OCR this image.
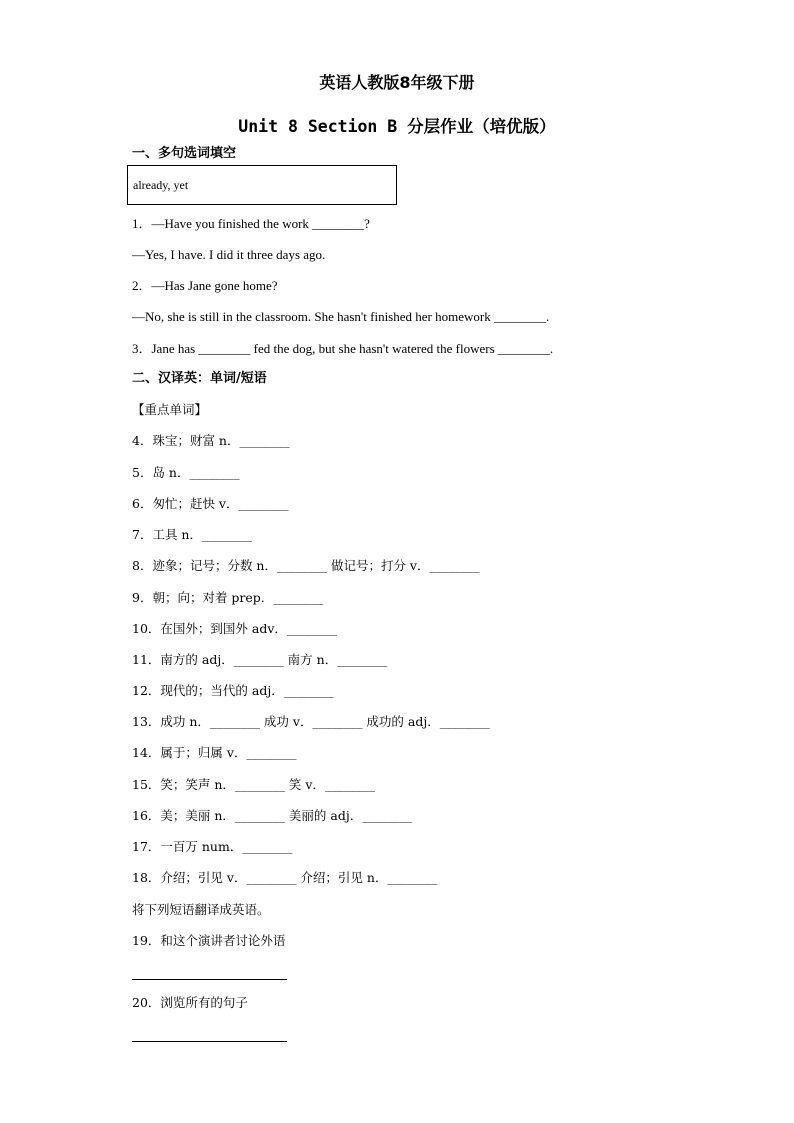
英语人教版8年级下册
Unit 8 Section B 分层作业（培优版）
一、多句选词填空
already, yet
1．—Have you finished the work ________?
—Yes, I have. I did it three days ago.
2．—Has Jane gone home?
—No, she is still in the classroom. She hasn't finished her homework ________.
3．Jane has ________ fed the dog, but she hasn't watered the flowers ________.
二、汉译英：单词/短语
【重点单词】
4．珠宝；财富 n．________
5．岛 n．________
6．匆忙；赶快 v．________
7．工具 n．________
8．迹象；记号；分数 n．________ 做记号；打分 v．________
9．朝；向；对着 prep．________
10．在国外；到国外 adv．________
11．南方的 adj．________ 南方 n．________
12．现代的；当代的 adj．________
13．成功 n．________ 成功 v．________ 成功的 adj．________
14．属于；归属 v．________
15．笑；笑声 n．________ 笑 v．________
16．美；美丽 n．________ 美丽的 adj．________
17．一百万 num．________
18．介绍；引见 v．________ 介绍；引见 n．________
将下列短语翻译成英语。
19．和这个演讲者讨论外语
20．浏览所有的句子
